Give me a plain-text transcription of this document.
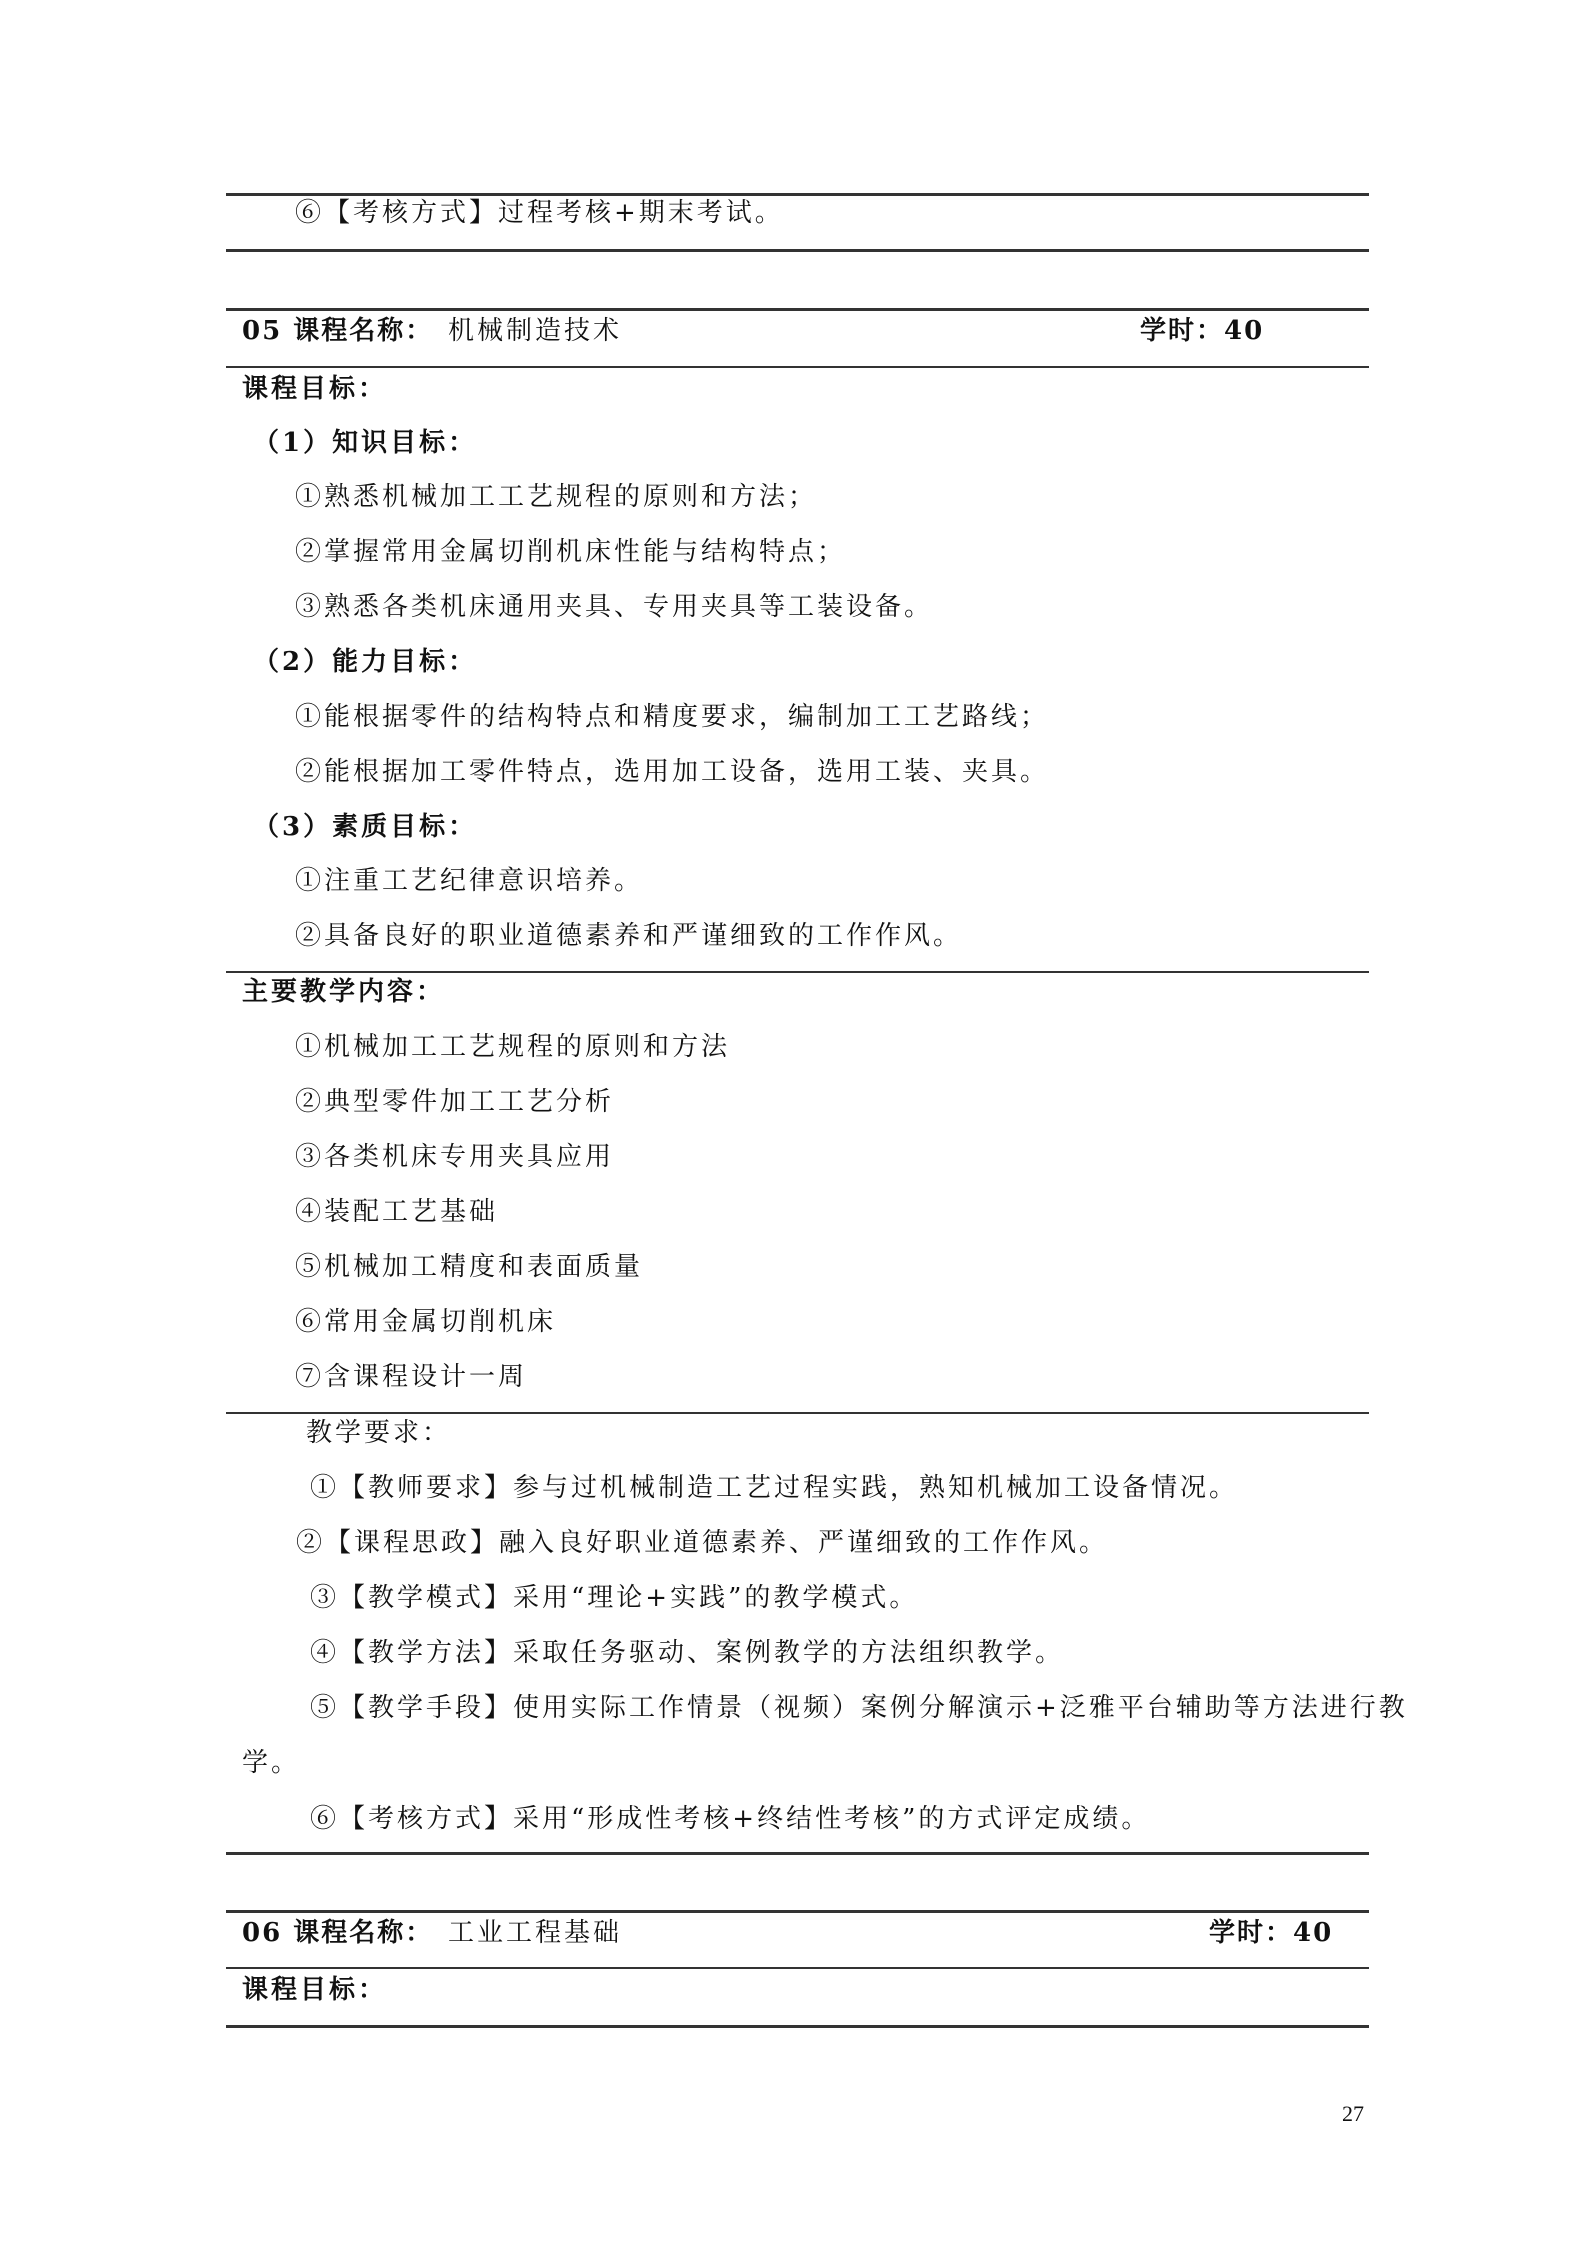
⑥【考核方式】过程考核+期末考试。
05 课程名称： 机械制造技术	学时：40
课程目标：
（1）知识目标：
①熟悉机械加工工艺规程的原则和方法；
②掌握常用金属切削机床性能与结构特点；
③熟悉各类机床通用夹具、专用夹具等工装设备。
（2）能力目标：
①能根据零件的结构特点和精度要求，编制加工工艺路线；
②能根据加工零件特点，选用加工设备，选用工装、夹具。
（3）素质目标：
①注重工艺纪律意识培养。
②具备良好的职业道德素养和严谨细致的工作作风。
主要教学内容：
①机械加工工艺规程的原则和方法
②典型零件加工工艺分析
③各类机床专用夹具应用
④装配工艺基础
⑤机械加工精度和表面质量
⑥常用金属切削机床
⑦含课程设计一周
教学要求：
①【教师要求】参与过机械制造工艺过程实践，熟知机械加工设备情况。
②【课程思政】融入良好职业道德素养、严谨细致的工作作风。
③【教学模式】采用“理论+实践”的教学模式。
④【教学方法】采取任务驱动、案例教学的方法组织教学。
⑤【教学手段】使用实际工作情景（视频）案例分解演示+泛雅平台辅助等方法进行教
学。
⑥【考核方式】采用“形成性考核+终结性考核”的方式评定成绩。
06 课程名称： 工业工程基础	学时：40
课程目标：
27
